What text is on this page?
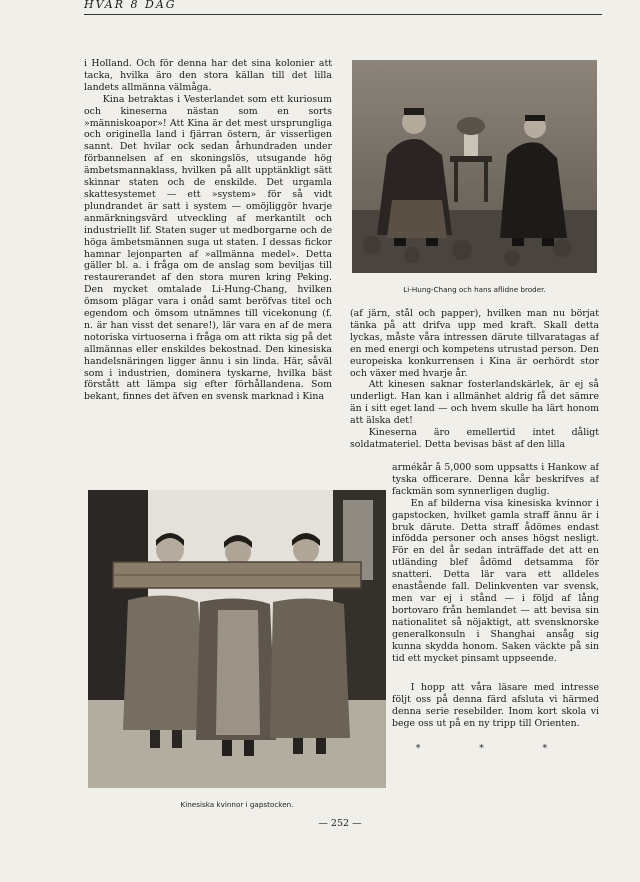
HVAR 8 DAG

i Holland. Och för denna har det sina kolonier att tacka, hvilka äro den stora källan till det lilla landets allmänna välmåga.

Kina betraktas i Vesterlandet som ett kuriosum och kineserna nästan som en sorts »människoapor»! Att Kina är det mest ursprungliga och originella land i fjärran östern, är visserligen sannt. Det hvilar ock sedan århundraden under förbannelsen af en skoningslös, utsugande hög ämbetsmannaklass, hvilken på allt upptänkligt sätt skinnar staten och de enskilde. Det urgamla skattesystemet — ett »system» för så vidt plundrandet är satt i system — omöjliggör hvarje anmärkningsvärd utveckling af merkantilt och industriellt lif. Staten suger ut medborgarne och de höga ämbetsmännen suga ut staten. I dessas fickor hamnar lejonparten af »allmänna medel». Detta gäller bl. a. i fråga om de anslag som beviljas till restaurerandet af den stora muren kring Peking. Den mycket omtalade Li-Hung-Chang, hvilken ömsom plägar vara i onåd samt beröfvas titel och egendom och ömsom utnämnes till vicekonung (f. n. är han visst det senare!), lär vara en af de mera notoriska virtuoserna i fråga om att rikta sig på det allmännas eller enskildes bekostnad. Den kinesiska handelsnäringen ligger ännu i sin linda. Här, såväl som i industrien, dominera tyskarne, hvilka bäst förstått att lämpa sig efter förhållandena. Som bekant, finnes det äfven en svensk marknad i Kina

Li-Hung-Chang och hans aflidne broder.

(af järn, stål och papper), hvilken man nu börjat tänka på att drifva upp med kraft. Skall detta lyckas, måste våra intressen därute tillvaratagas af en med energi och kompetens utrustad person. Den europeiska konkurrensen i Kina är oerhördt stor och växer med hvarje år.

Att kinesen saknar fosterlandskärlek, är ej så underligt. Han kan i allmänhet aldrig få det sämre än i sitt eget land — och hvem skulle ha lärt honom att älska det!

Kineserna äro emellertid intet dåligt soldatmateriel. Detta bevisas bäst af den lilla

Kinesiska kvinnor i gapstocken.

armékår å 5,000 som uppsatts i Hankow af tyska officerare. Denna kår beskrifves af fackmän som synnerligen duglig.

En af bilderna visa kinesiska kvinnor i gapstocken, hvilket gamla straff ännu är i bruk därute. Detta straff ådömes endast infödda personer och anses högst nesligt. För en del år sedan inträffade det att en utländing blef ådömd detsamma för snatteri. Detta lär vara ett alldeles enastående fall. Delinkventen var svensk, men var ej i stånd — i följd af lång bortovaro från hemlandet — att bevisa sin nationalitet så nöjaktigt, att svensknorske generalkonsuln i Shanghai ansåg sig kunna skydda honom. Saken väckte på sin tid ett mycket pinsamt uppseende.

I hopp att våra läsare med intresse följt oss på denna färd afsluta vi härmed denna serie resebilder. Inom kort skola vi bege oss ut på en ny tripp till Orienten.

* * *
— 252 —
